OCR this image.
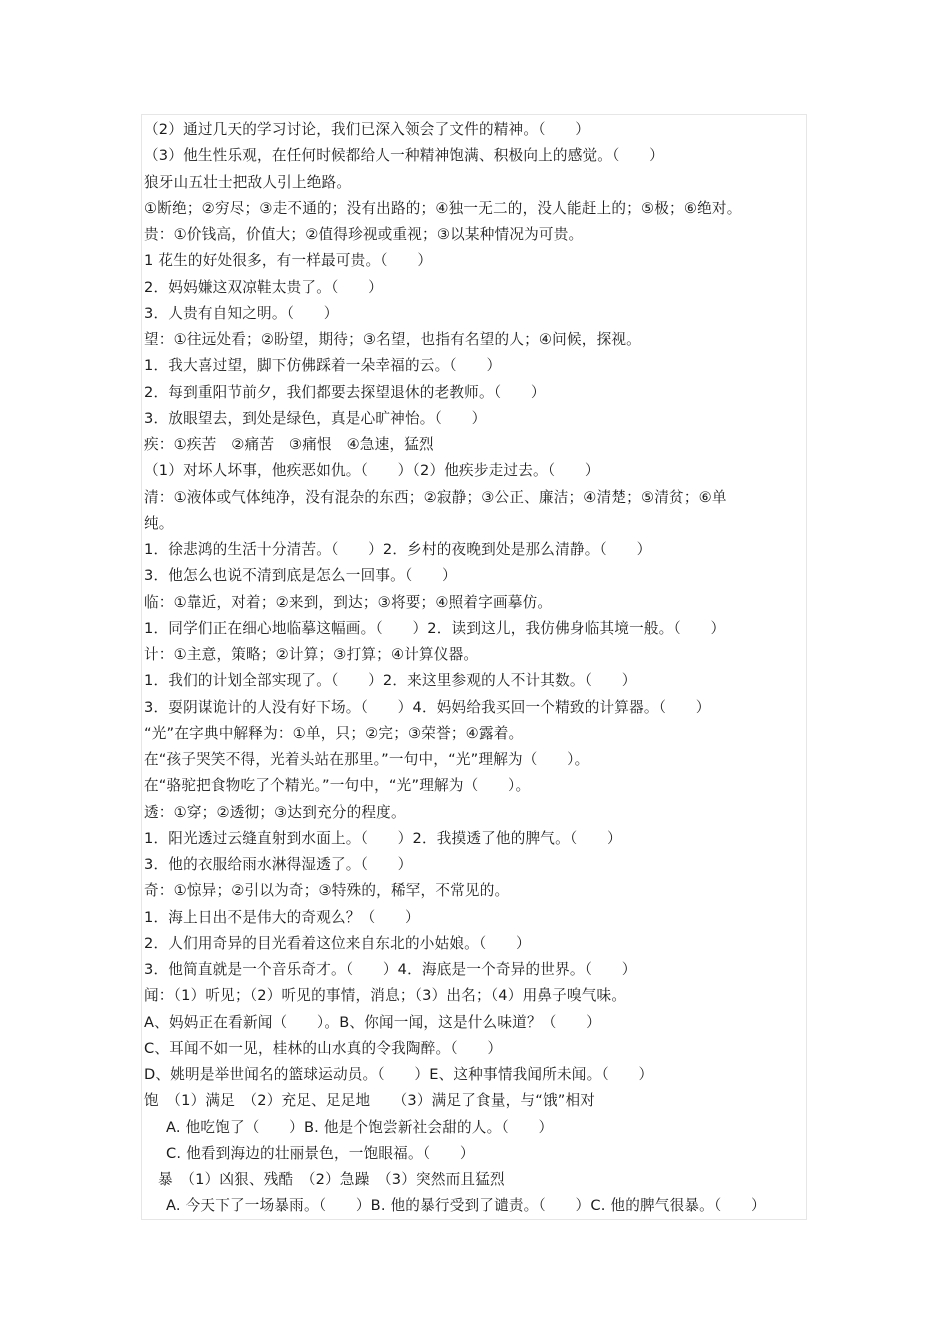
（2）通过几天的学习讨论，我们已深入领会了文件的精神。（　　）
（3）他生性乐观，在任何时候都给人一种精神饱满、积极向上的感觉。（　　）
狼牙山五壮士把敌人引上绝路。
①断绝；②穷尽；③走不通的；没有出路的；④独一无二的，没人能赶上的；⑤极；⑥绝对。
贵：①价钱高，价值大；②值得珍视或重视；③以某种情况为可贵。
1 花生的好处很多，有一样最可贵。（　　）
2．妈妈嫌这双凉鞋太贵了。（　　）
3．人贵有自知之明。（　　）
望：①往远处看；②盼望，期待；③名望，也指有名望的人；④问候，探视。
1．我大喜过望，脚下仿佛踩着一朵幸福的云。（　　）
2．每到重阳节前夕，我们都要去探望退休的老教师。（　　）
3．放眼望去，到处是绿色，真是心旷神怡。（　　）
疾：①疾苦　②痛苦　③痛恨　④急速，猛烈
（1）对坏人坏事，他疾恶如仇。（　　）（2）他疾步走过去。（　　）
清：①液体或气体纯净，没有混杂的东西；②寂静；③公正、廉洁；④清楚；⑤清贫；⑥单
纯。
1．徐悲鸿的生活十分清苦。（　　）2．乡村的夜晚到处是那么清静。（　　）
3．他怎么也说不清到底是怎么一回事。（　　）
临：①靠近，对着；②来到，到达；③将要；④照着字画摹仿。
1．同学们正在细心地临摹这幅画。（　　）2．读到这儿，我仿佛身临其境一般。（　　）
计：①主意，策略；②计算；③打算；④计算仪器。
1．我们的计划全部实现了。（　　）2．来这里参观的人不计其数。（　　）
3．耍阴谋诡计的人没有好下场。（　　）4．妈妈给我买回一个精致的计算器。（　　）
“光”在字典中解释为：①单，只；②完；③荣誉；④露着。
在“孩子哭笑不得，光着头站在那里。”一句中，“光”理解为（　　）。
在“骆驼把食物吃了个精光。”一句中，“光”理解为（　　）。
透：①穿；②透彻；③达到充分的程度。
1．阳光透过云缝直射到水面上。（　　）2．我摸透了他的脾气。（　　）
3．他的衣服给雨水淋得湿透了。（　　）
奇：①惊异；②引以为奇；③特殊的，稀罕，不常见的。
1．海上日出不是伟大的奇观么？（　　）
2．人们用奇异的目光看着这位来自东北的小姑娘。（　　）
3．他简直就是一个音乐奇才。（　　）4．海底是一个奇异的世界。（　　）
闻：（1）听见；（2）听见的事情，消息；（3）出名；（4）用鼻子嗅气味。
A、妈妈正在看新闻（　　）。B、你闻一闻，这是什么味道？（　　）
C、耳闻不如一见，桂林的山水真的令我陶醉。（　　）
D、姚明是举世闻名的篮球运动员。（　　）E、这种事情我闻所未闻。（　　）
饱　（1）满足　（2）充足、足足地　　（3）满足了食量，与“饿”相对
A. 他吃饱了（　　）B. 他是个饱尝新社会甜的人。（　　）
C. 他看到海边的壮丽景色，一饱眼福。（　　）
暴　（1）凶狠、残酷　（2）急躁　（3）突然而且猛烈
A. 今天下了一场暴雨。（　　）B. 他的暴行受到了谴责。（　　）C. 他的脾气很暴。（　　）
